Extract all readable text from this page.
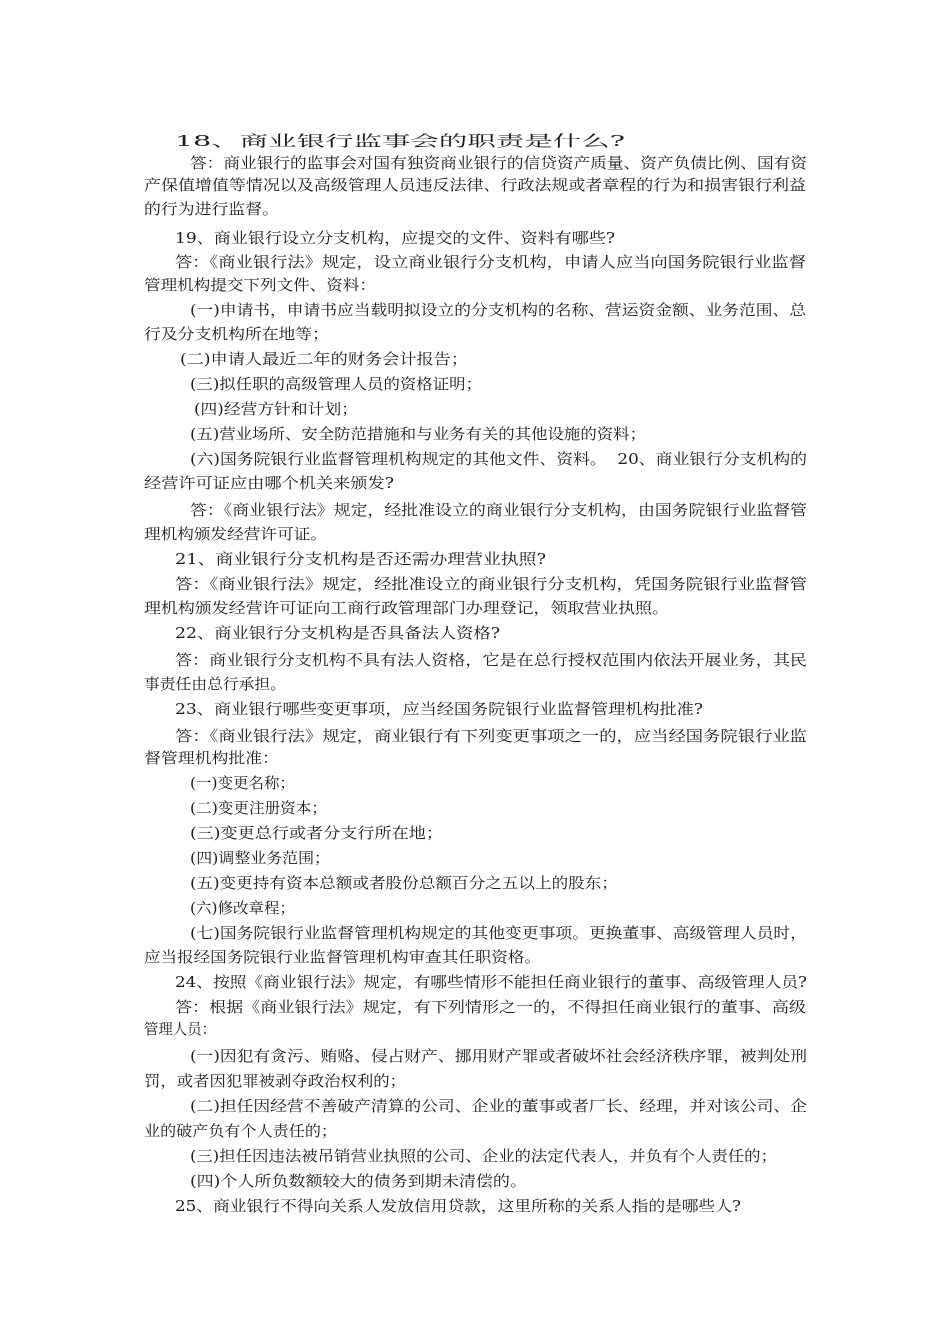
18、商业银行监事会的职责是什么?

答：商业银行的监事会对国有独资商业银行的信贷资产质量、资产负债比例、国有资

产保值增值等情况以及高级管理人员违反法律、行政法规或者章程的行为和损害银行利益

的行为进行监督。

19、商业银行设立分支机构，应提交的文件、资料有哪些?

答：《商业银行法》规定，设立商业银行分支机构，申请人应当向国务院银行业监督

管理机构提交下列文件、资料：

(一)申请书，申请书应当载明拟设立的分支机构的名称、营运资金额、业务范围、总

行及分支机构所在地等；

(二)申请人最近二年的财务会计报告；

(三)拟任职的高级管理人员的资格证明；

(四)经营方针和计划；

(五)营业场所、安全防范措施和与业务有关的其他设施的资料；

(六)国务院银行业监督管理机构规定的其他文件、资料。  20、商业银行分支机构的

经营许可证应由哪个机关来颁发?

答：《商业银行法》规定，经批准设立的商业银行分支机构，由国务院银行业监督管

理机构颁发经营许可证。

21、商业银行分支机构是否还需办理营业执照?

答：《商业银行法》规定，经批准设立的商业银行分支机构，凭国务院银行业监督管

理机构颁发经营许可证向工商行政管理部门办理登记，领取营业执照。

22、商业银行分支机构是否具备法人资格?

答：商业银行分支机构不具有法人资格，它是在总行授权范围内依法开展业务，其民

事责任由总行承担。

23、商业银行哪些变更事项，应当经国务院银行业监督管理机构批准?

答：《商业银行法》规定，商业银行有下列变更事项之一的，应当经国务院银行业监

督管理机构批准：

(一)变更名称；

(二)变更注册资本；

(三)变更总行或者分支行所在地；

(四)调整业务范围；

(五)变更持有资本总额或者股份总额百分之五以上的股东；

(六)修改章程；

(七)国务院银行业监督管理机构规定的其他变更事项。更换董事、高级管理人员时，

应当报经国务院银行业监督管理机构审查其任职资格。

24、按照《商业银行法》规定，有哪些情形不能担任商业银行的董事、高级管理人员?

答：根据《商业银行法》规定，有下列情形之一的，不得担任商业银行的董事、高级

管理人员：

(一)因犯有贪污、贿赂、侵占财产、挪用财产罪或者破坏社会经济秩序罪，被判处刑

罚，或者因犯罪被剥夺政治权利的；

(二)担任因经营不善破产清算的公司、企业的董事或者厂长、经理，并对该公司、企

业的破产负有个人责任的；

(三)担任因违法被吊销营业执照的公司、企业的法定代表人，并负有个人责任的；

(四)个人所负数额较大的债务到期未清偿的。

25、商业银行不得向关系人发放信用贷款，这里所称的关系人指的是哪些人?
